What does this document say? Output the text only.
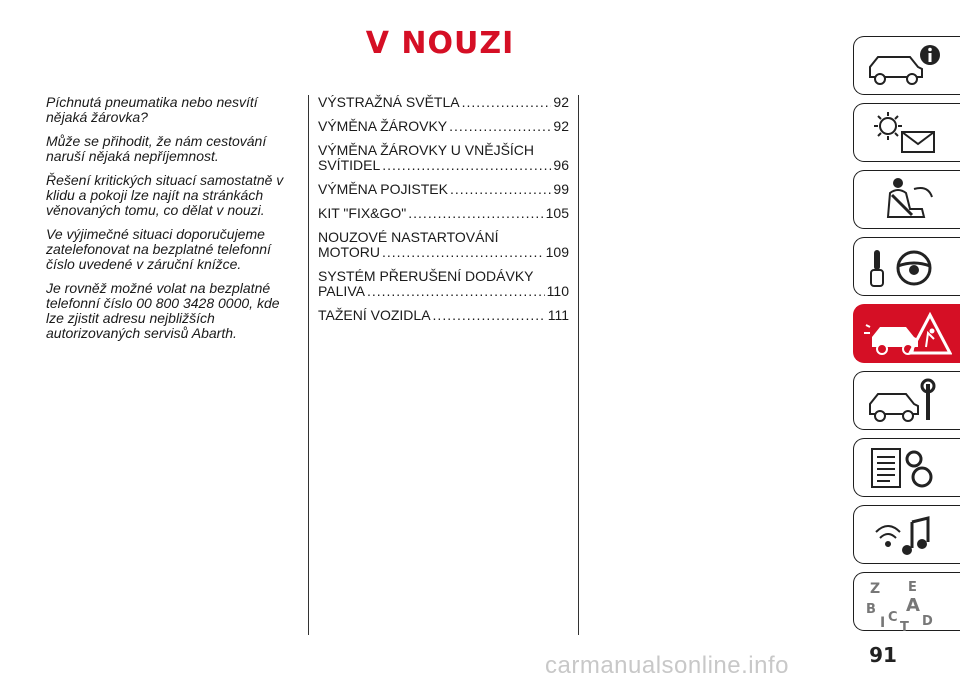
V NOUZI

Píchnutá pneumatika nebo nesvítí nějaká žárovka?

Může se přihodit, že nám cestování naruší nějaká nepříjemnost.

Řešení kritických situací samostatně v klidu a pokoji lze najít na stránkách věnovaných tomu, co dělat v nouzi.

Ve výjimečné situaci doporučujeme zatelefonovat na bezplatné telefonní číslo uvedené v záruční knížce.

Je rovněž možné volat na bezplatné telefonní číslo 00 800 3428 0000, kde lze zjistit adresu nejbližších autorizovaných servisů Abarth.

VÝSTRAŽNÁ SVĚTLA .....	92
VÝMĚNA ŽÁROVKY .....	92
VÝMĚNA ŽÁROVKY U VNĚJŠÍCH
SVÍTIDEL .....	96
VÝMĚNA POJISTEK .....	99
KIT "FIX&GO" .....	105
NOUZOVÉ NASTARTOVÁNÍ
MOTORU .....	109
SYSTÉM PŘERUŠENÍ DODÁVKY
PALIVA .....	110
TAŽENÍ VOZIDLA .....	111
Z E
B A
I C D
T
91
carmanualsonline.info
